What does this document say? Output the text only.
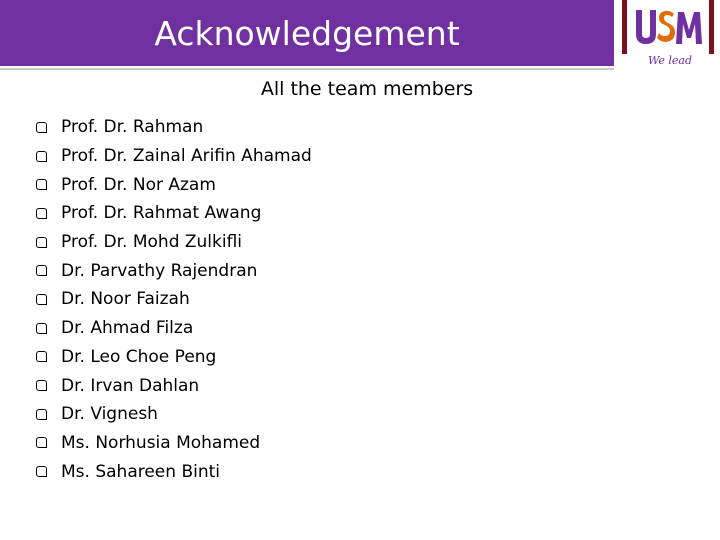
Acknowledgement
We lead
All the team members
Prof. Dr. Rahman
Prof. Dr. Zainal Arifin Ahamad
Prof. Dr. Nor Azam
Prof. Dr. Rahmat Awang
Prof. Dr. Mohd Zulkifli
Dr. Parvathy Rajendran
Dr. Noor Faizah
Dr. Ahmad Filza
Dr. Leo Choe Peng
Dr. Irvan Dahlan
Dr. Vignesh
Ms. Norhusia Mohamed
Ms. Sahareen Binti
